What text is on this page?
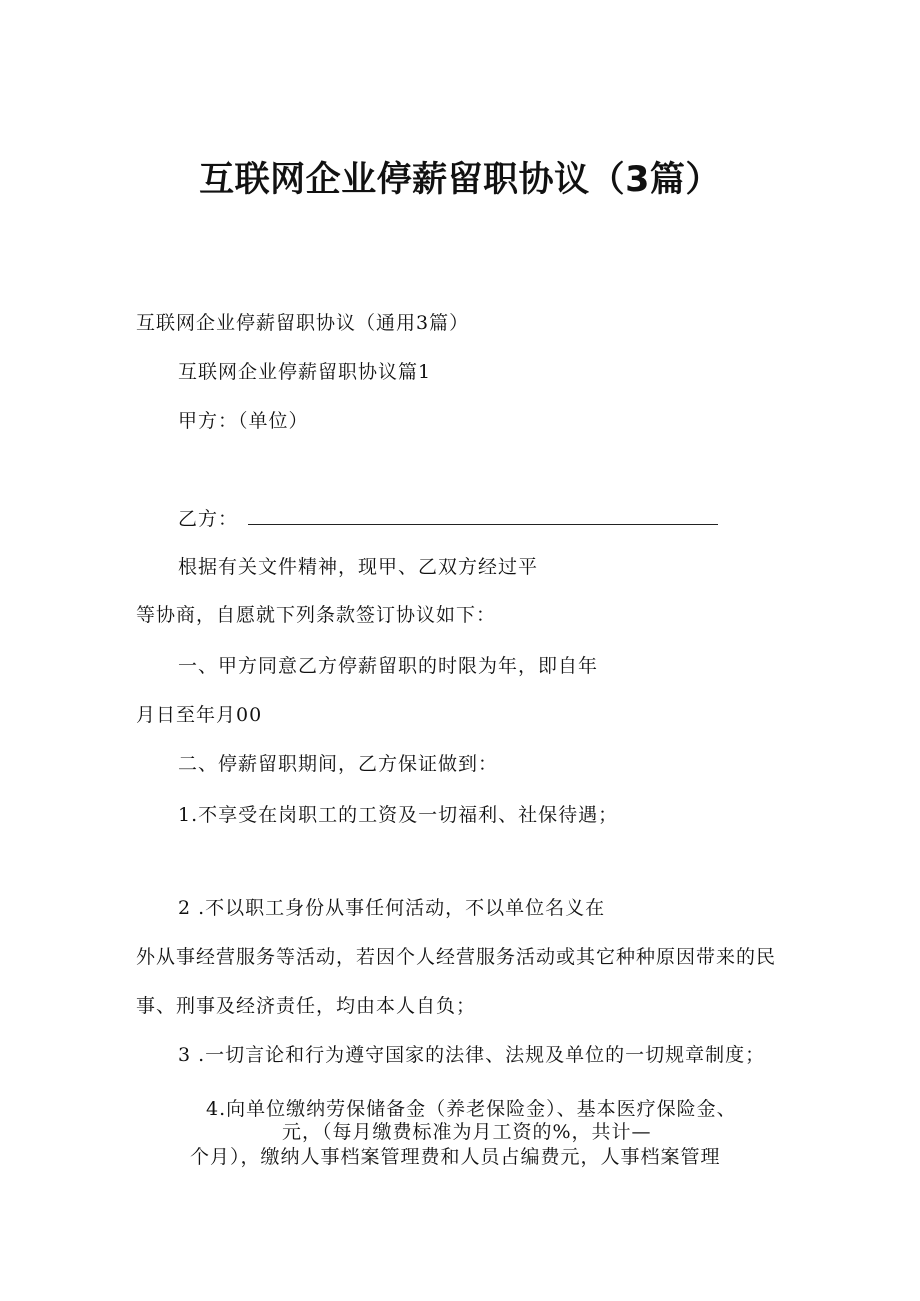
互联网企业停薪留职协议（3篇）

互联网企业停薪留职协议（通用3篇）

互联网企业停薪留职协议篇1

甲方：（单位）

乙方：

根据有关文件精神，现甲、乙双方经过平

等协商，自愿就下列条款签订协议如下：

一、甲方同意乙方停薪留职的时限为年，即自年

月日至年月00

二、停薪留职期间，乙方保证做到：

1.不享受在岗职工的工资及一切福利、社保待遇；

2 .不以职工身份从事任何活动，不以单位名义在

外从事经营服务等活动，若因个人经营服务活动或其它种种原因带来的民

事、刑事及经济责任，均由本人自负；

3 .一切言论和行为遵守国家的法律、法规及单位的一切规章制度；

4.向单位缴纳劳保储备金（养老保险金）、基本医疗保险金、

元，（每月缴费标准为月工资的%，共计—

个月），缴纳人事档案管理费和人员占编费元，人事档案管理
